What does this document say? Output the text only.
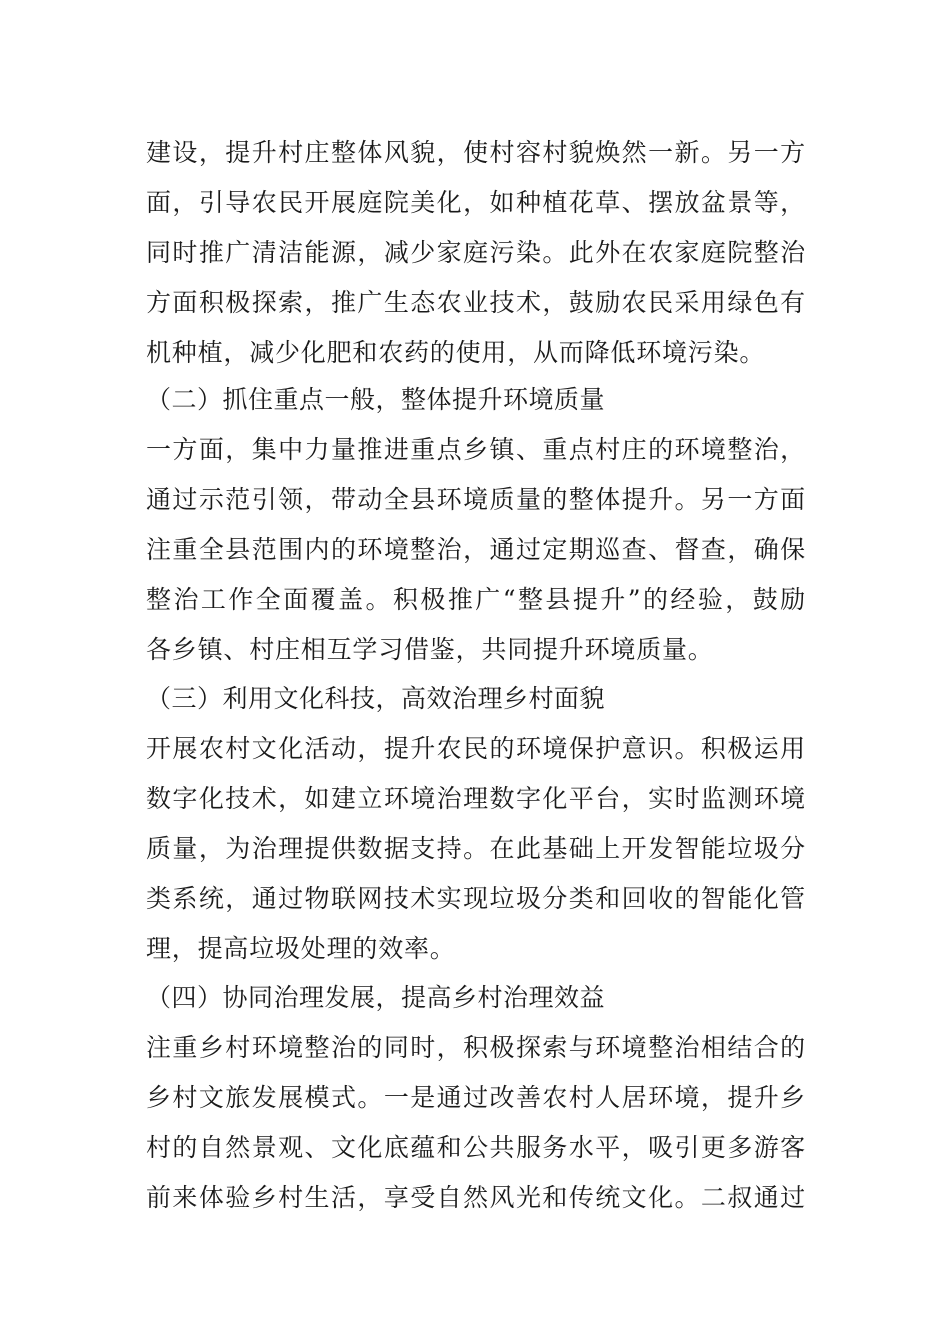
建设，提升村庄整体风貌，使村容村貌焕然一新。另一方
面，引导农民开展庭院美化，如种植花草、摆放盆景等，
同时推广清洁能源，减少家庭污染。此外在农家庭院整治
方面积极探索，推广生态农业技术，鼓励农民采用绿色有
机种植，减少化肥和农药的使用，从而降低环境污染。
（二）抓住重点一般，整体提升环境质量
一方面，集中力量推进重点乡镇、重点村庄的环境整治，
通过示范引领，带动全县环境质量的整体提升。另一方面
注重全县范围内的环境整治，通过定期巡查、督查，确保
整治工作全面覆盖。积极推广“整县提升”的经验，鼓励
各乡镇、村庄相互学习借鉴，共同提升环境质量。
（三）利用文化科技，高效治理乡村面貌
开展农村文化活动，提升农民的环境保护意识。积极运用
数字化技术，如建立环境治理数字化平台，实时监测环境
质量，为治理提供数据支持。在此基础上开发智能垃圾分
类系统，通过物联网技术实现垃圾分类和回收的智能化管
理，提高垃圾处理的效率。
（四）协同治理发展，提高乡村治理效益
注重乡村环境整治的同时，积极探索与环境整治相结合的
乡村文旅发展模式。一是通过改善农村人居环境，提升乡
村的自然景观、文化底蕴和公共服务水平，吸引更多游客
前来体验乡村生活，享受自然风光和传统文化。二叔通过
